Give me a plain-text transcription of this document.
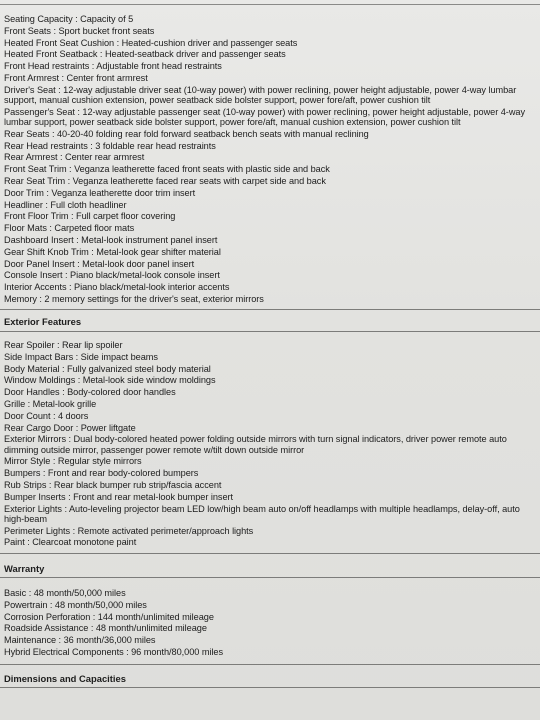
Seating Capacity : Capacity of 5
Front Seats : Sport bucket front seats
Heated Front Seat Cushion : Heated-cushion driver and passenger seats
Heated Front Seatback : Heated-seatback driver and passenger seats
Front Head restraints : Adjustable front head restraints
Front Armrest : Center front armrest
Driver's Seat : 12-way adjustable driver seat (10-way power) with power reclining, power height adjustable, power 4-way lumbar support, manual cushion extension, power seatback side bolster support, power fore/aft, power cushion tilt
Passenger's Seat : 12-way adjustable passenger seat (10-way power) with power reclining, power height adjustable, power 4-way lumbar support, power seatback side bolster support, power fore/aft, manual cushion extension, power cushion tilt
Rear Seats : 40-20-40 folding rear fold forward seatback bench seats with manual reclining
Rear Head restraints : 3 foldable rear head restraints
Rear Armrest : Center rear armrest
Front Seat Trim : Veganza leatherette faced front seats with plastic side and back
Rear Seat Trim : Veganza leatherette faced rear seats with carpet side and back
Door Trim : Veganza leatherette door trim insert
Headliner : Full cloth headliner
Front Floor Trim : Full carpet floor covering
Floor Mats : Carpeted floor mats
Dashboard Insert : Metal-look instrument panel insert
Gear Shift Knob Trim : Metal-look gear shifter material
Door Panel Insert : Metal-look door panel insert
Console Insert : Piano black/metal-look console insert
Interior Accents : Piano black/metal-look interior accents
Memory : 2 memory settings for the driver's seat, exterior mirrors
Exterior Features
Rear Spoiler : Rear lip spoiler
Side Impact Bars : Side impact beams
Body Material : Fully galvanized steel body material
Window Moldings : Metal-look side window moldings
Door Handles : Body-colored door handles
Grille : Metal-look grille
Door Count : 4 doors
Rear Cargo Door : Power liftgate
Exterior Mirrors : Dual body-colored heated power folding outside mirrors with turn signal indicators, driver power remote auto dimming outside mirror, passenger power remote w/tilt down outside mirror
Mirror Style : Regular style mirrors
Bumpers : Front and rear body-colored bumpers
Rub Strips : Rear black bumper rub strip/fascia accent
Bumper Inserts : Front and rear metal-look bumper insert
Exterior Lights : Auto-leveling projector beam LED low/high beam auto on/off headlamps with multiple headlamps, delay-off, auto high-beam
Perimeter Lights : Remote activated perimeter/approach lights
Paint : Clearcoat monotone paint
Warranty
Basic : 48 month/50,000 miles
Powertrain : 48 month/50,000 miles
Corrosion Perforation : 144 month/unlimited mileage
Roadside Assistance : 48 month/unlimited mileage
Maintenance : 36 month/36,000 miles
Hybrid Electrical Components : 96 month/80,000 miles
Dimensions and Capacities
